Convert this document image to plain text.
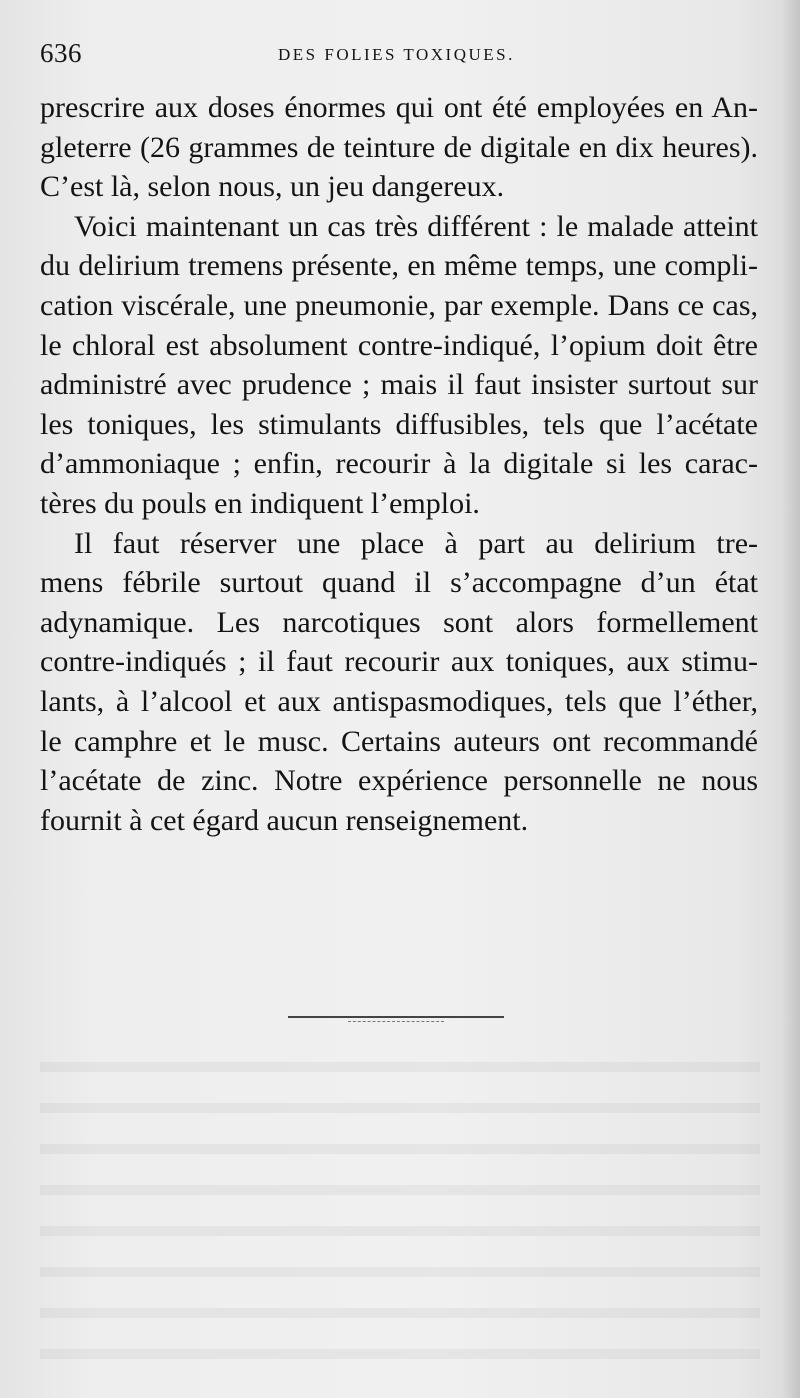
636	DES FOLIES TOXIQUES.
prescrire aux doses énormes qui ont été employées en An-
gleterre (26 grammes de teinture de digitale en dix heures).
C’est là, selon nous, un jeu dangereux.
Voici maintenant un cas très différent : le malade atteint
du delirium tremens présente, en même temps, une compli-
cation viscérale, une pneumonie, par exemple. Dans ce cas,
le chloral est absolument contre-indiqué, l’opium doit être
administré avec prudence ; mais il faut insister surtout sur
les toniques, les stimulants diffusibles, tels que l’acétate
d’ammoniaque ; enfin, recourir à la digitale si les carac-
tères du pouls en indiquent l’emploi.
Il faut réserver une place à part au delirium tre-
mens fébrile surtout quand il s’accompagne d’un état
adynamique. Les narcotiques sont alors formellement
contre-indiqués ; il faut recourir aux toniques, aux stimu-
lants, à l’alcool et aux antispasmodiques, tels que l’éther,
le camphre et le musc. Certains auteurs ont recommandé
l’acétate de zinc. Notre expérience personnelle ne nous
fournit à cet égard aucun renseignement.
